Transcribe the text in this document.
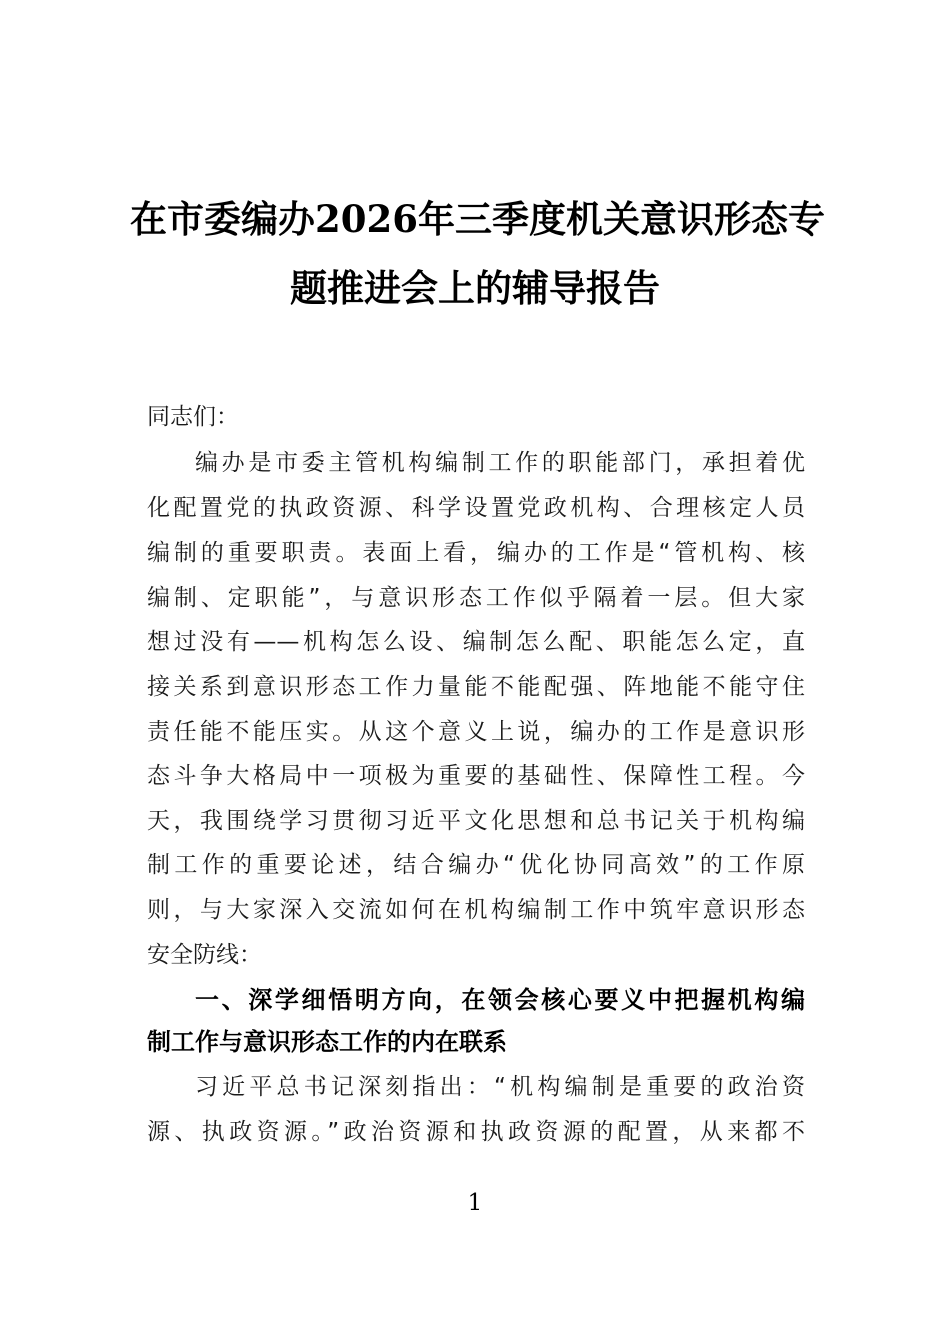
在市委编办2026年三季度机关意识形态专
题推进会上的辅导报告
同志们：
编办是市委主管机构编制工作的职能部门，承担着优
化配置党的执政资源、科学设置党政机构、合理核定人员
编制的重要职责。表面上看，编办的工作是“管机构、核
编制、定职能”，与意识形态工作似乎隔着一层。但大家
想过没有——机构怎么设、编制怎么配、职能怎么定，直
接关系到意识形态工作力量能不能配强、阵地能不能守住
责任能不能压实。从这个意义上说，编办的工作是意识形
态斗争大格局中一项极为重要的基础性、保障性工程。今
天，我围绕学习贯彻习近平文化思想和总书记关于机构编
制工作的重要论述，结合编办“优化协同高效”的工作原
则，与大家深入交流如何在机构编制工作中筑牢意识形态
安全防线：
一、深学细悟明方向，在领会核心要义中把握机构编
制工作与意识形态工作的内在联系
习近平总书记深刻指出：“机构编制是重要的政治资
源、执政资源。”政治资源和执政资源的配置，从来都不
1
